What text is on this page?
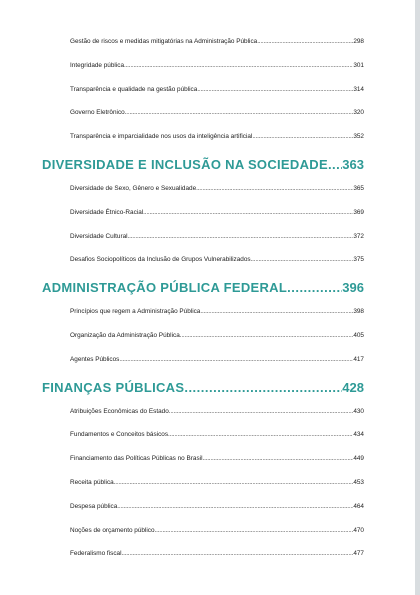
Gestão de riscos e medidas mitigatórias na Administração Pública .....	298
Integridade pública .....	301
Transparência e qualidade na gestão pública .....	314
Governo Eletrônico .....	320
Transparência e imparcialidade nos usos da inteligência artificial .....	352
DIVERSIDADE E INCLUSÃO NA SOCIEDADE ..... 363
Diversidade de Sexo, Gênero e Sexualidade .....	365
Diversidade Étnico-Racial .....	369
Diversidade Cultural .....	372
Desafios Sociopolíticos da Inclusão de Grupos Vulnerabilizados .....	375
ADMINISTRAÇÃO PÚBLICA FEDERAL .....	396
Princípios que regem a Administração Pública .....	398
Organização da Administração Pública .....	405
Agentes Públicos .....	417
FINANÇAS PÚBLICAS .....	428
Atribuições Econômicas do Estado .....	430
Fundamentos e Conceitos básicos .....	434
Financiamento das Políticas Públicas no Brasil .....	449
Receita pública .....	453
Despesa pública .....	464
Noções de orçamento público .....	470
Federalismo fiscal .....	477
